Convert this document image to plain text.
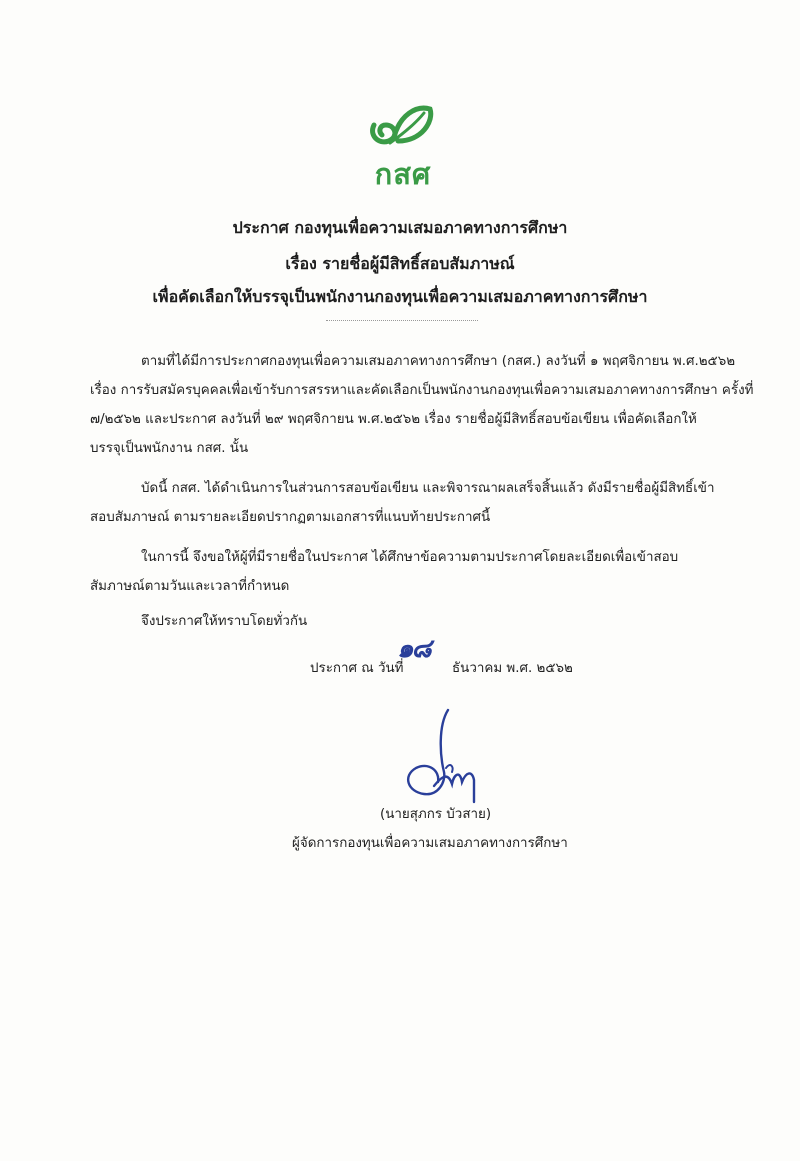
กสศ
ประกาศ กองทุนเพื่อความเสมอภาคทางการศึกษา
เรื่อง รายชื่อผู้มีสิทธิ์สอบสัมภาษณ์
เพื่อคัดเลือกให้บรรจุเป็นพนักงานกองทุนเพื่อความเสมอภาคทางการศึกษา
ตามที่ได้มีการประกาศกองทุนเพื่อความเสมอภาคทางการศึกษา (กสศ.) ลงวันที่ ๑ พฤศจิกายน พ.ศ.๒๕๖๒
เรื่อง การรับสมัครบุคคลเพื่อเข้ารับการสรรหาและคัดเลือกเป็นพนักงานกองทุนเพื่อความเสมอภาคทางการศึกษา ครั้งที่
๗/๒๕๖๒ และประกาศ ลงวันที่ ๒๙ พฤศจิกายน พ.ศ.๒๕๖๒ เรื่อง รายชื่อผู้มีสิทธิ์สอบข้อเขียน เพื่อคัดเลือกให้
บรรจุเป็นพนักงาน กสศ. นั้น
บัดนี้ กสศ. ได้ดำเนินการในส่วนการสอบข้อเขียน และพิจารณาผลเสร็จสิ้นแล้ว ดังมีรายชื่อผู้มีสิทธิ์เข้า
สอบสัมภาษณ์ ตามรายละเอียดปรากฏตามเอกสารที่แนบท้ายประกาศนี้
ในการนี้ จึงขอให้ผู้ที่มีรายชื่อในประกาศ ได้ศึกษาข้อความตามประกาศโดยละเอียดเพื่อเข้าสอบ
สัมภาษณ์ตามวันและเวลาที่กำหนด
จึงประกาศให้ทราบโดยทั่วกัน
ประกาศ ณ วันที่
๑๘
ธันวาคม พ.ศ. ๒๕๖๒
(นายสุภกร บัวสาย)
ผู้จัดการกองทุนเพื่อความเสมอภาคทางการศึกษา
